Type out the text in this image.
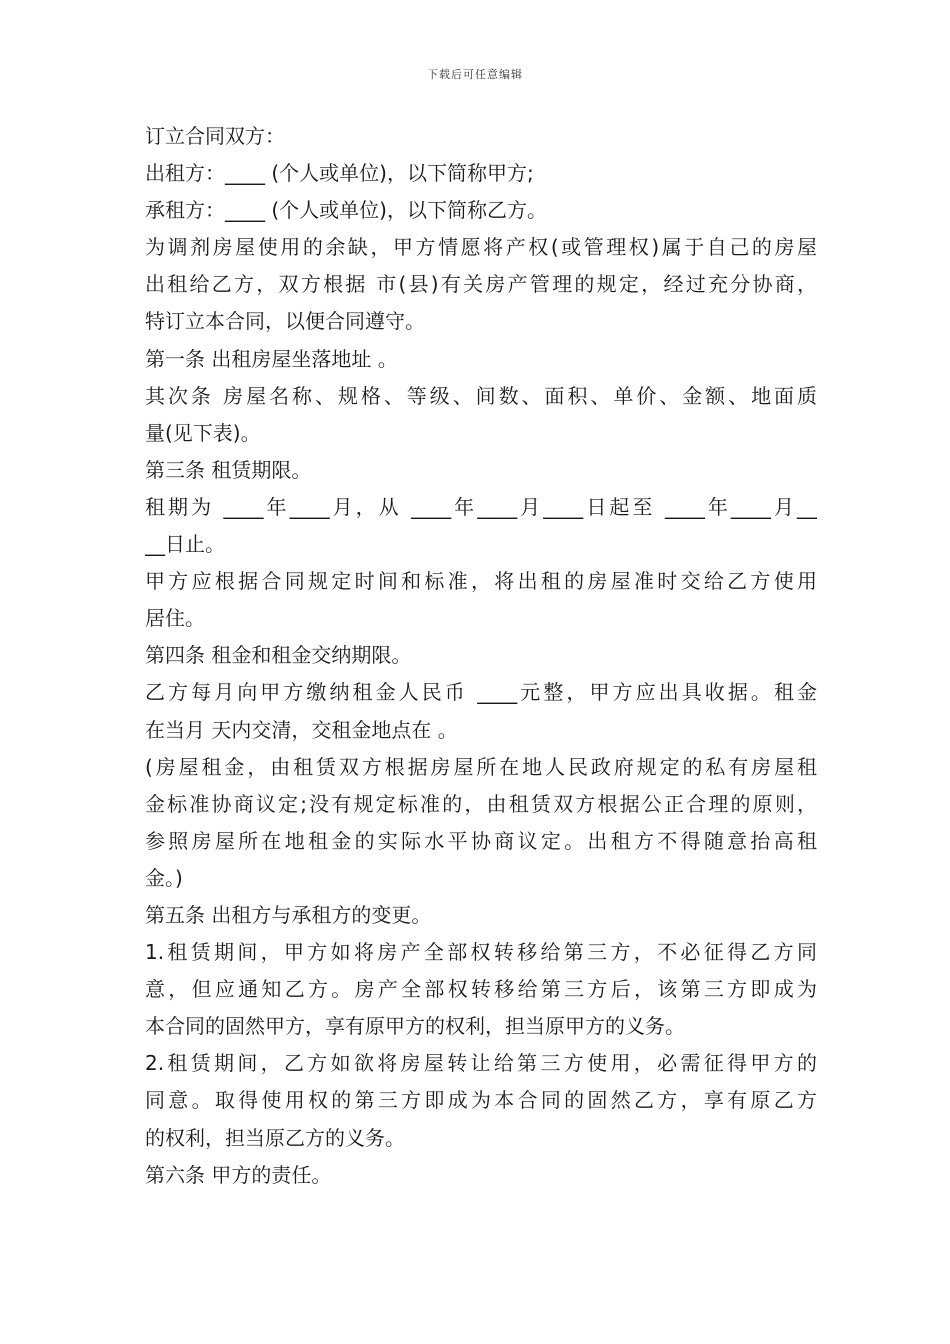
下载后可任意编辑
订立合同双方：
出租方：____ (个人或单位)，以下简称甲方;
承租方：____ (个人或单位)，以下简称乙方。
为调剂房屋使用的余缺，甲方情愿将产权(或管理权)属于自己的房屋
出租给乙方，双方根据 市(县)有关房产管理的规定，经过充分协商，
特订立本合同，以便合同遵守。
第一条 出租房屋坐落地址 。
其次条 房屋名称、规格、等级、间数、面积、单价、金额、地面质
量(见下表)。
第三条 租赁期限。
租期为 ____年____月，从 ____年____月____日起至 ____年____月__
__日止。
甲方应根据合同规定时间和标准，将出租的房屋准时交给乙方使用
居住。
第四条 租金和租金交纳期限。
乙方每月向甲方缴纳租金人民币 ____元整，甲方应出具收据。租金
在当月 天内交清，交租金地点在 。
(房屋租金，由租赁双方根据房屋所在地人民政府规定的私有房屋租
金标准协商议定;没有规定标准的，由租赁双方根据公正合理的原则，
参照房屋所在地租金的实际水平协商议定。出租方不得随意抬高租
金。)
第五条 出租方与承租方的变更。
1.租赁期间，甲方如将房产全部权转移给第三方，不必征得乙方同
意，但应通知乙方。房产全部权转移给第三方后，该第三方即成为
本合同的固然甲方，享有原甲方的权利，担当原甲方的义务。
2.租赁期间，乙方如欲将房屋转让给第三方使用，必需征得甲方的
同意。取得使用权的第三方即成为本合同的固然乙方，享有原乙方
的权利，担当原乙方的义务。
第六条 甲方的责任。
